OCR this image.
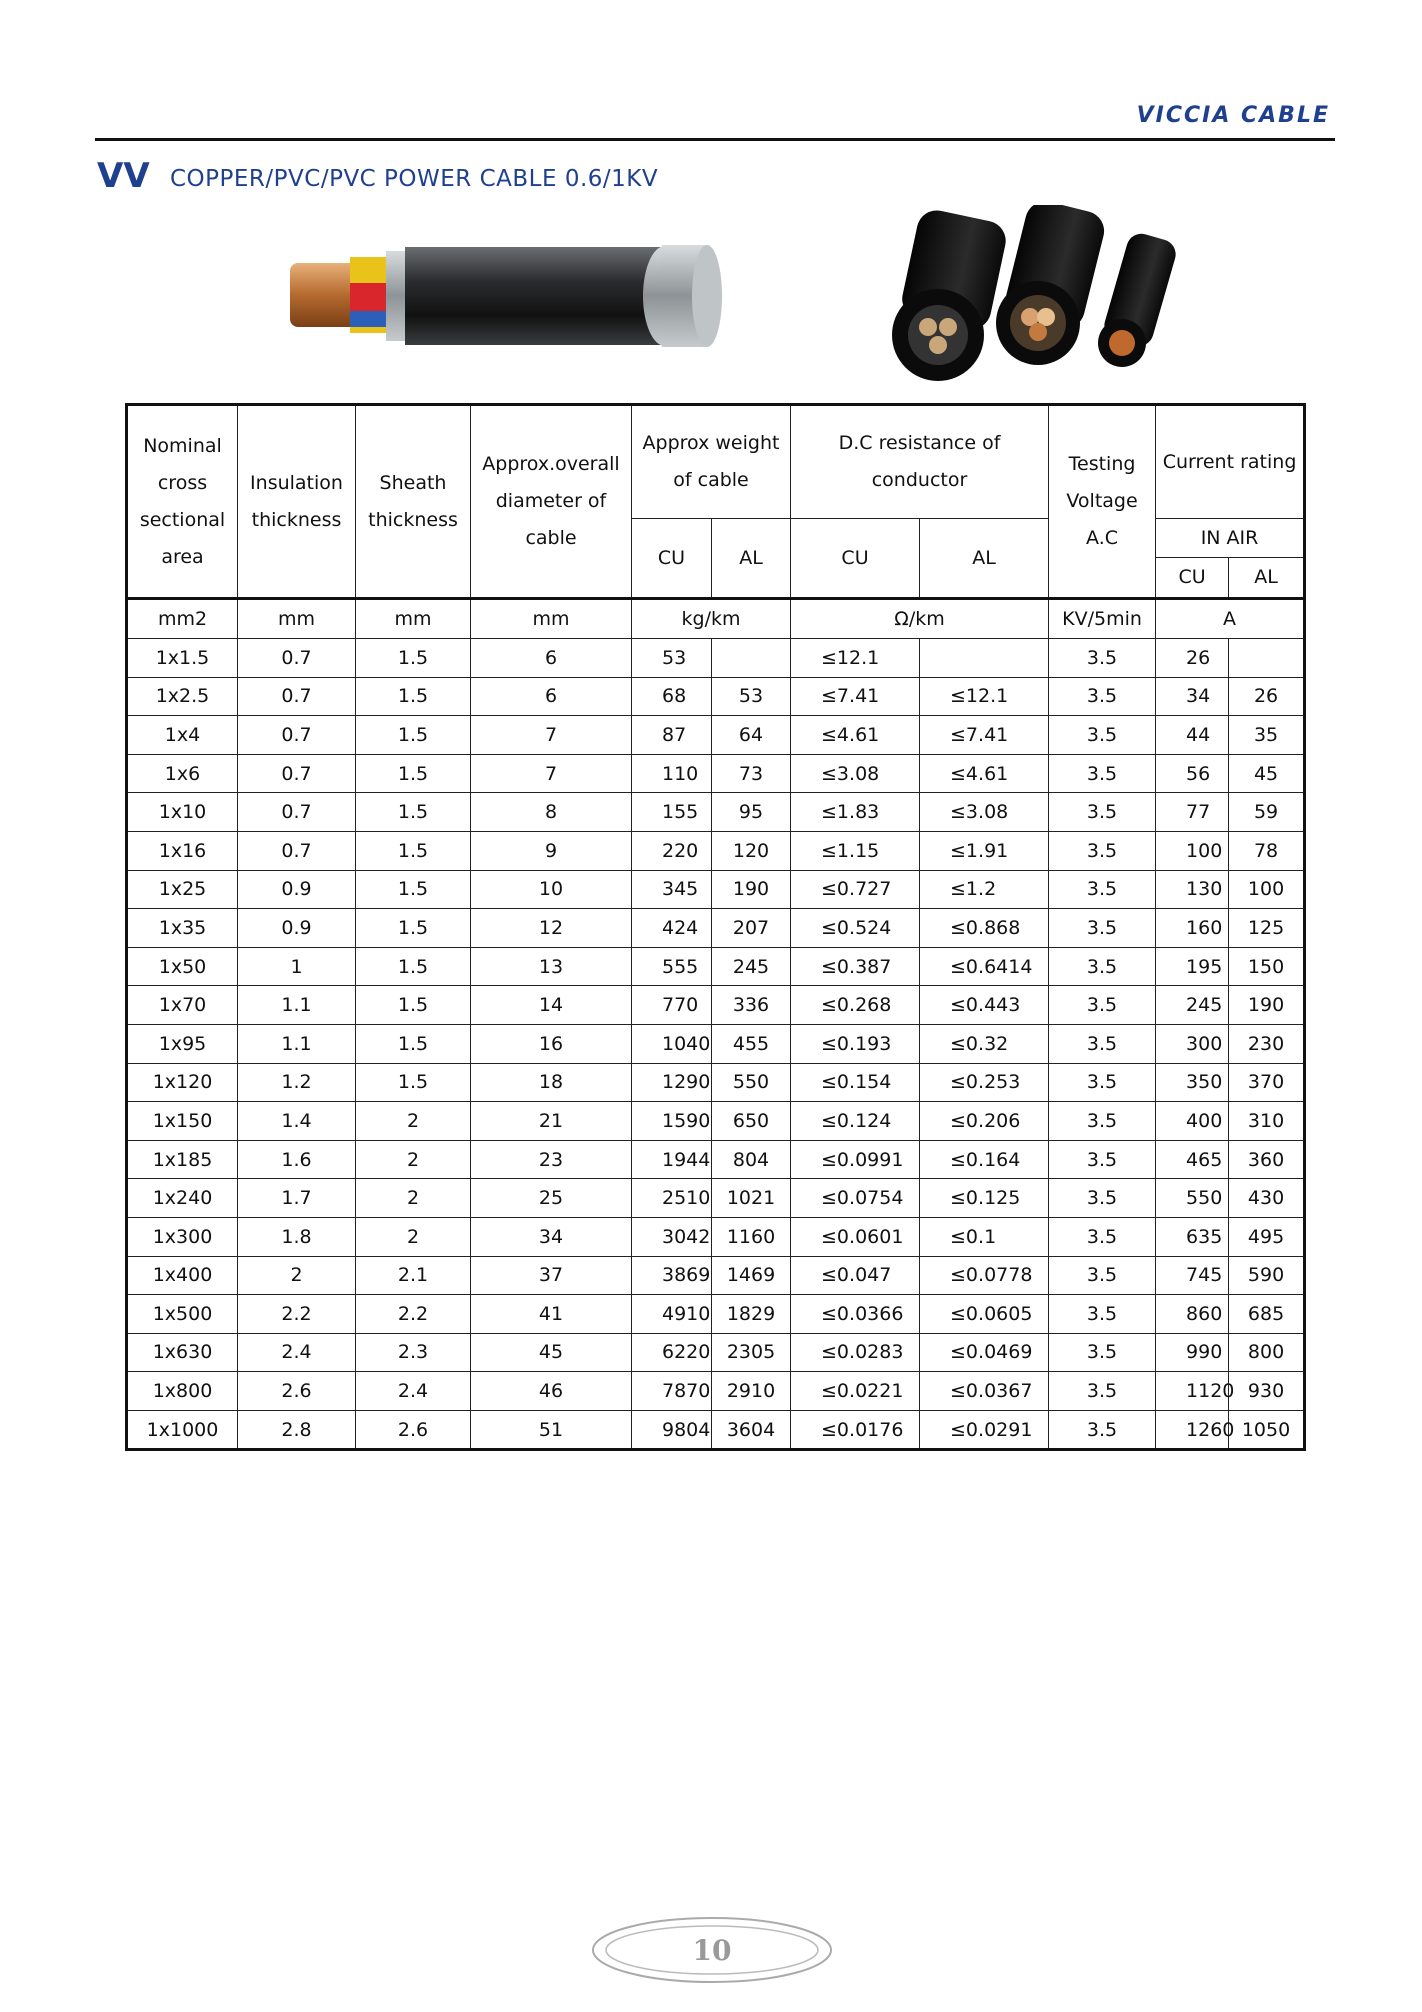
VICCIA CABLE
VV COPPER/PVC/PVC POWER CABLE 0.6/1KV
Nominal cross sectional area	Insulation thickness	Sheath thickness	Approx.overall diameter of cable	Approx weight of cable		D.C resistance of conductor		Testing Voltage A.C	Current rating	
				CU	AL	CU	AL		IN AIR	
									CU	AL
mm2	mm	mm	mm	kg/km		Ω/km		KV/5min	A	
1x1.5	0.7	1.5	6	53		≤12.1		3.5	26	
1x2.5	0.7	1.5	6	68	53	≤7.41	≤12.1	3.5	34	26
1x4	0.7	1.5	7	87	64	≤4.61	≤7.41	3.5	44	35
1x6	0.7	1.5	7	110	73	≤3.08	≤4.61	3.5	56	45
1x10	0.7	1.5	8	155	95	≤1.83	≤3.08	3.5	77	59
1x16	0.7	1.5	9	220	120	≤1.15	≤1.91	3.5	100	78
1x25	0.9	1.5	10	345	190	≤0.727	≤1.2	3.5	130	100
1x35	0.9	1.5	12	424	207	≤0.524	≤0.868	3.5	160	125
1x50	1	1.5	13	555	245	≤0.387	≤0.6414	3.5	195	150
1x70	1.1	1.5	14	770	336	≤0.268	≤0.443	3.5	245	190
1x95	1.1	1.5	16	1040	455	≤0.193	≤0.32	3.5	300	230
1x120	1.2	1.5	18	1290	550	≤0.154	≤0.253	3.5	350	370
1x150	1.4	2	21	1590	650	≤0.124	≤0.206	3.5	400	310
1x185	1.6	2	23	1944	804	≤0.0991	≤0.164	3.5	465	360
1x240	1.7	2	25	2510	1021	≤0.0754	≤0.125	3.5	550	430
1x300	1.8	2	34	3042	1160	≤0.0601	≤0.1	3.5	635	495
1x400	2	2.1	37	3869	1469	≤0.047	≤0.0778	3.5	745	590
1x500	2.2	2.2	41	4910	1829	≤0.0366	≤0.0605	3.5	860	685
1x630	2.4	2.3	45	6220	2305	≤0.0283	≤0.0469	3.5	990	800
1x800	2.6	2.4	46	7870	2910	≤0.0221	≤0.0367	3.5	1120	930
1x1000	2.8	2.6	51	9804	3604	≤0.0176	≤0.0291	3.5	1260	1050
10
